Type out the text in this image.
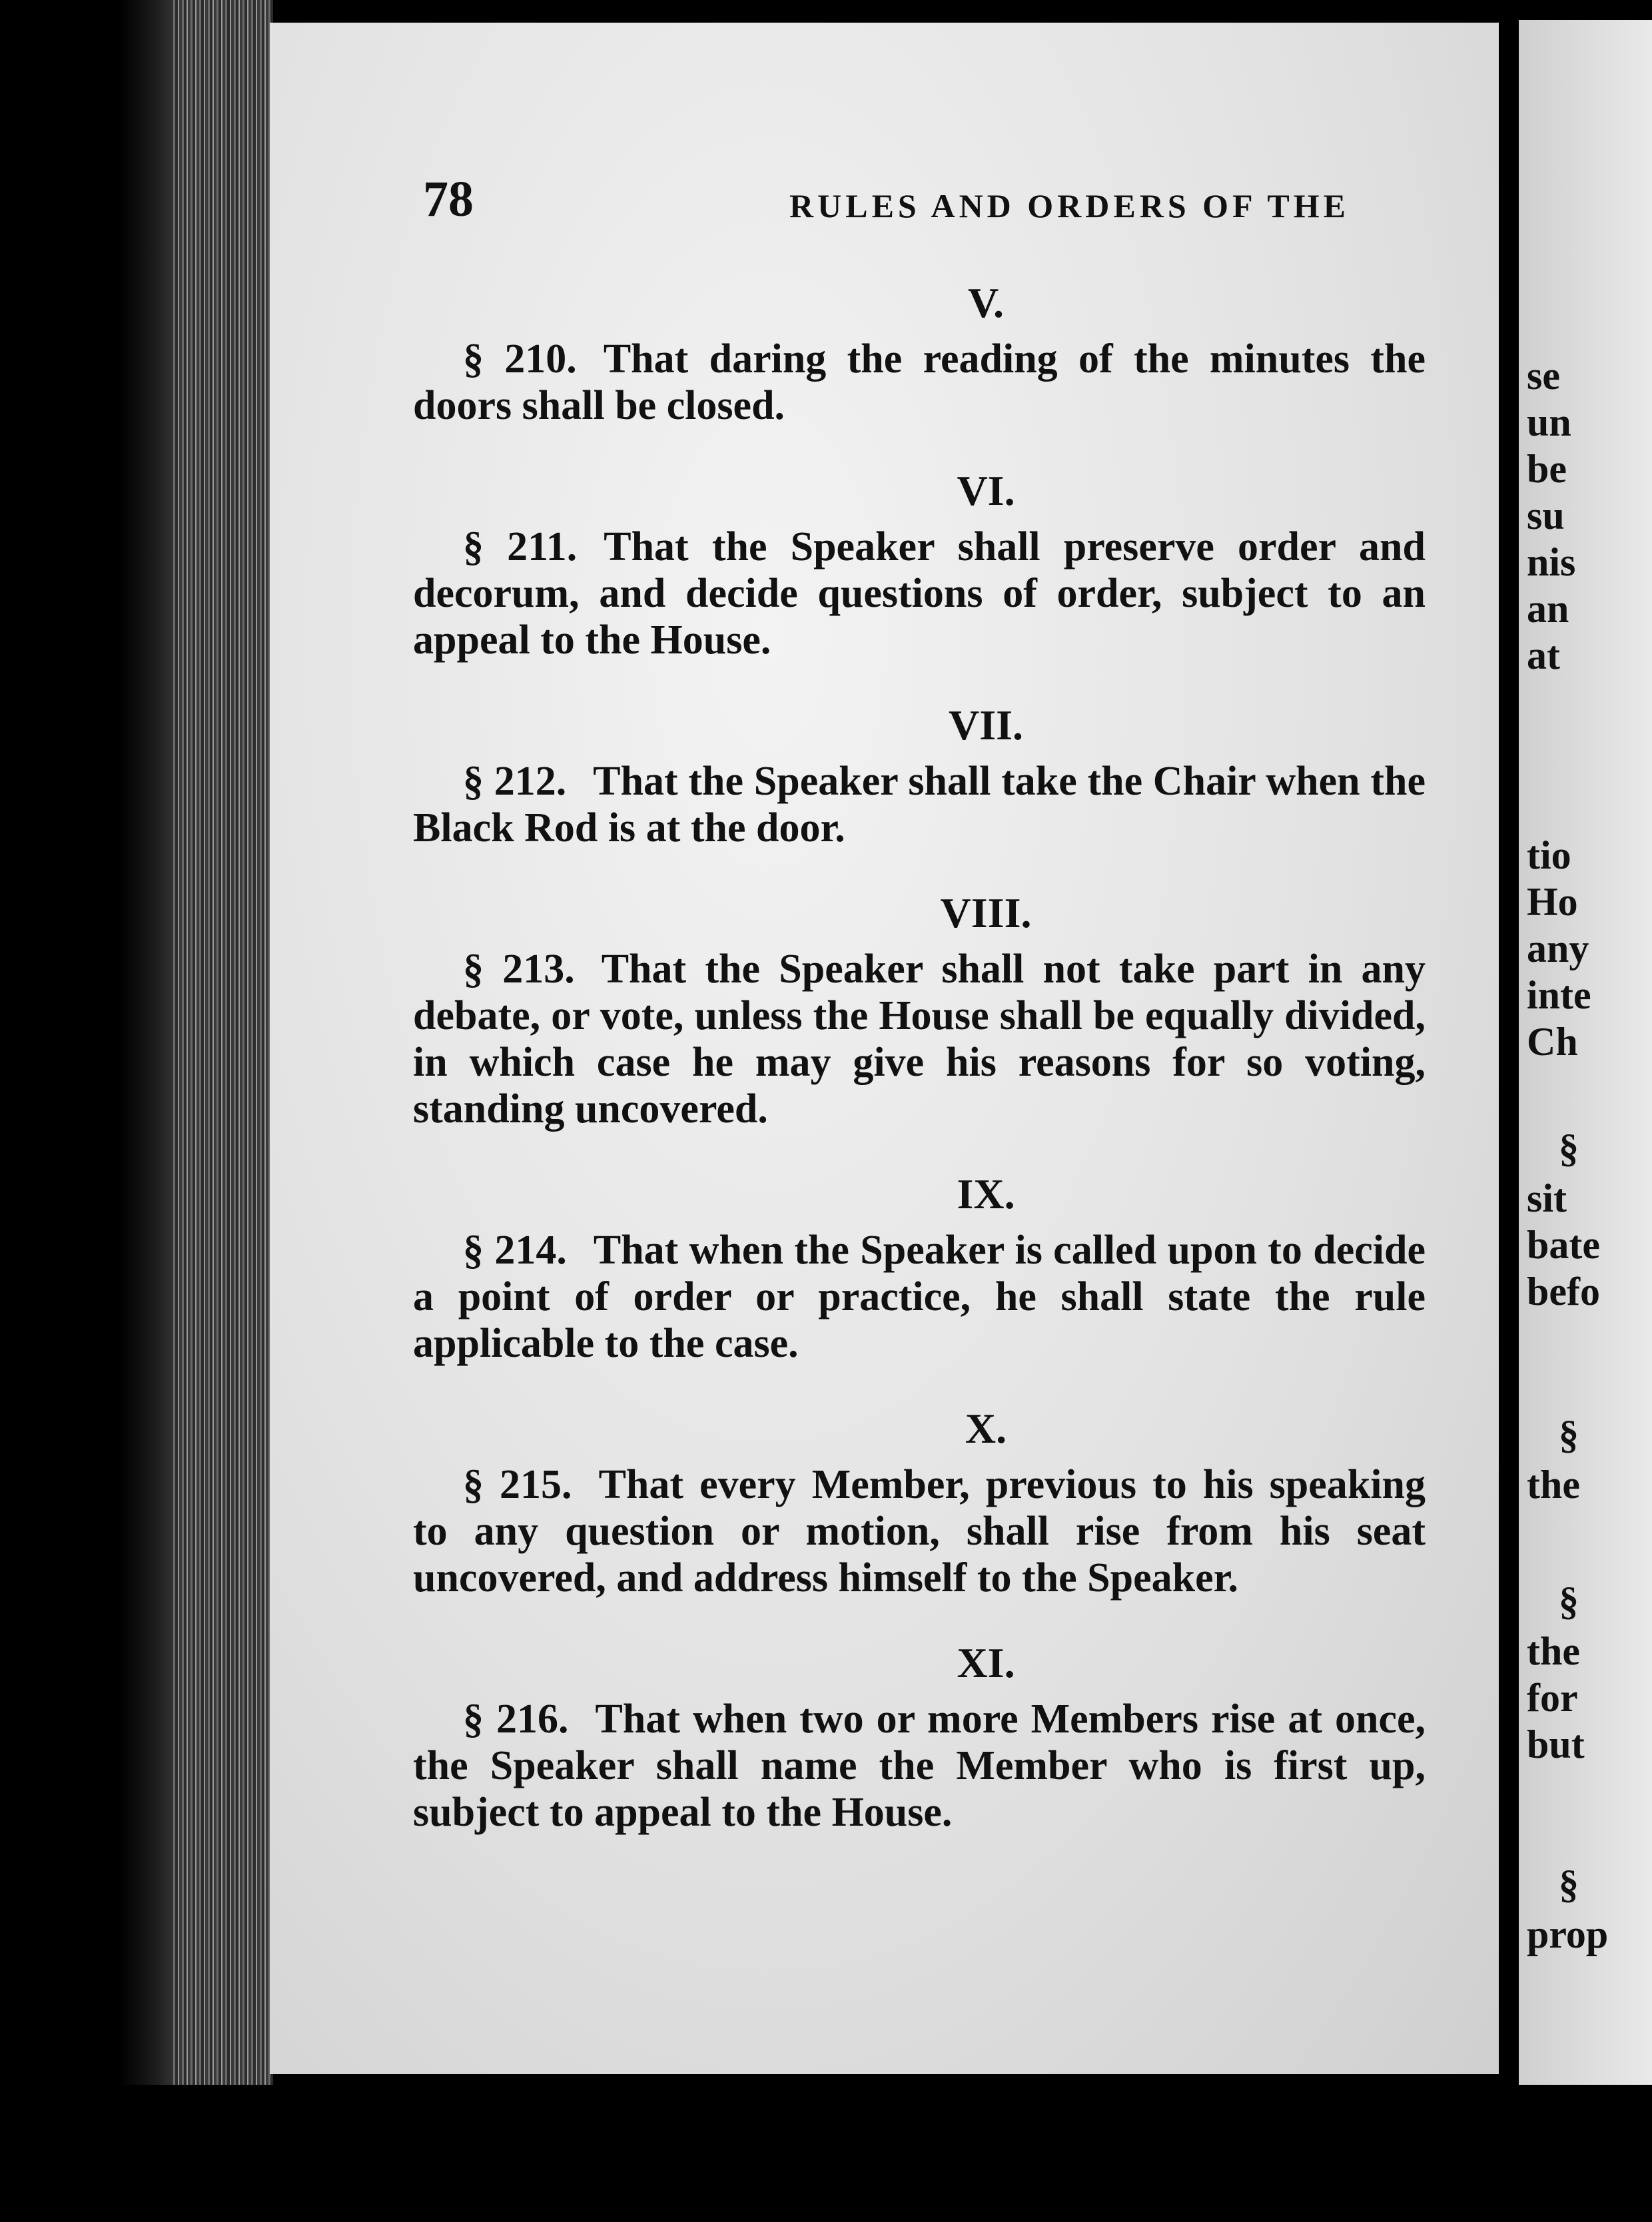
78	RULES AND ORDERS OF THE
V.

§ 210. That daring the reading of the minutes the doors shall be closed.

VI.

§ 211. That the Speaker shall preserve order and decorum, and decide questions of order, subject to an appeal to the House.

VII.

§ 212. That the Speaker shall take the Chair when the Black Rod is at the door.

VIII.

§ 213. That the Speaker shall not take part in any debate, or vote, unless the House shall be equally divided, in which case he may give his reasons for so voting, standing uncovered.

IX.

§ 214. That when the Speaker is called upon to decide a point of order or practice, he shall state the rule applicable to the case.

X.

§ 215. That every Member, previous to his speaking to any question or motion, shall rise from his seat uncovered, and address himself to the Speaker.

XI.

§ 216. That when two or more Members rise at once, the Speaker shall name the Member who is first up, subject to appeal to the House.

se
un
be
su
nis
an
at
tio
Ho
any
inte
Ch
§
sit
bate
befo
§
the
§
the
for
but
§
prop
